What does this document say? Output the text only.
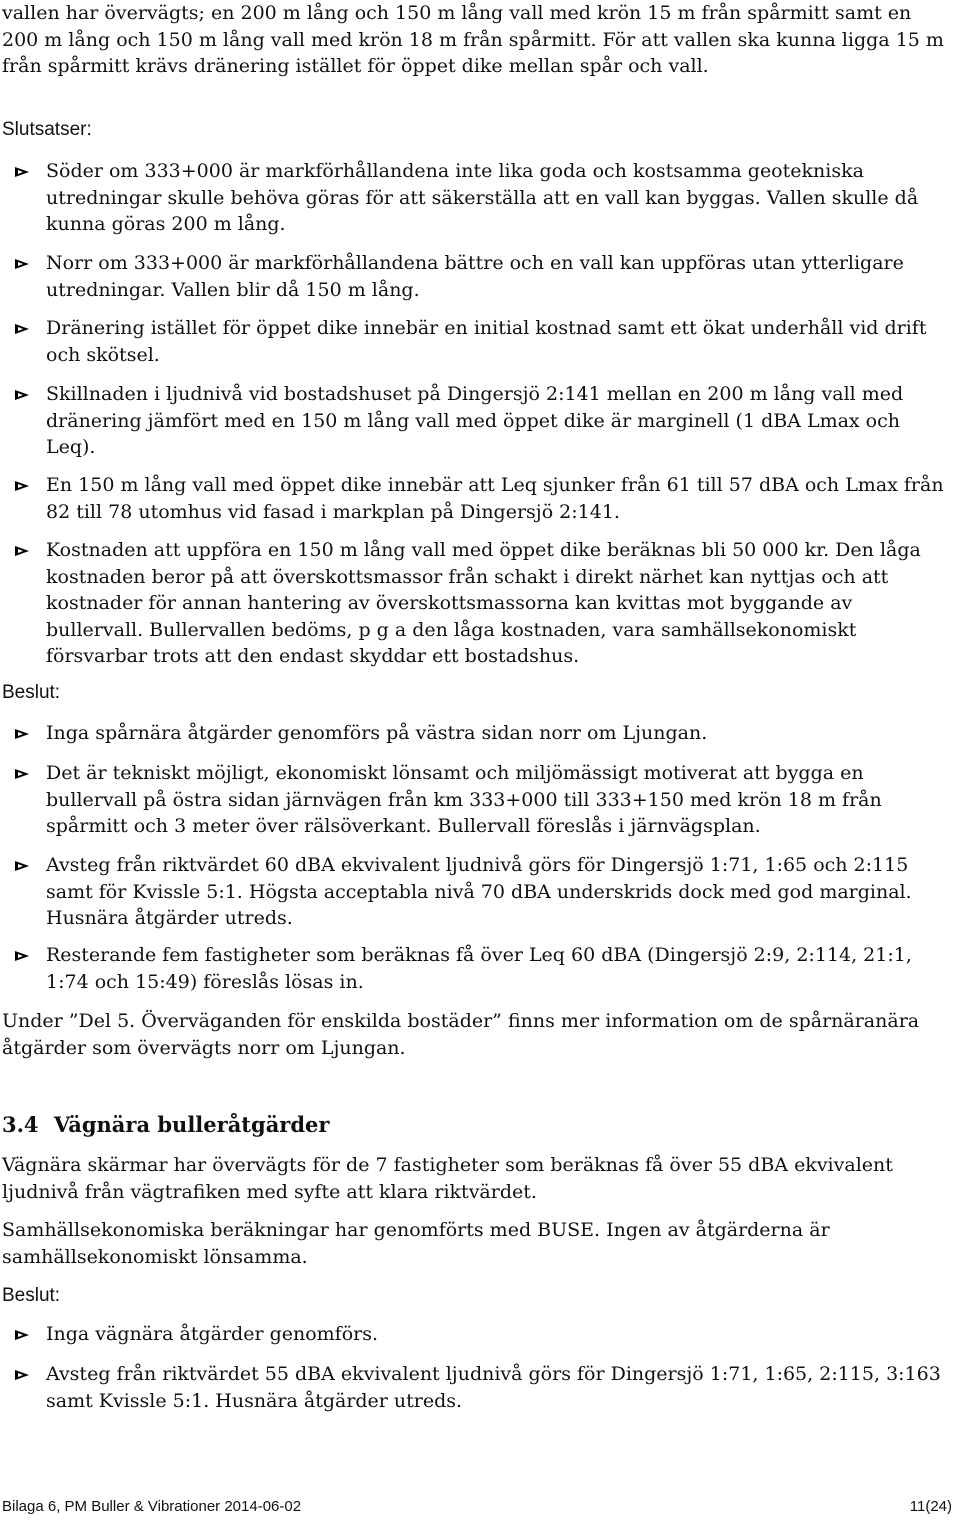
vallen har övervägts; en 200 m lång och 150 m lång vall med krön 15 m från spårmitt samt en 200 m lång och 150 m lång vall med krön 18 m från spårmitt. För att vallen ska kunna ligga 15 m från spårmitt krävs dränering istället för öppet dike mellan spår och vall.

Slutsatser:

Söder om 333+000 är markförhållandena inte lika goda och kostsamma geotekniska utredningar skulle behöva göras för att säkerställa att en vall kan byggas. Vallen skulle då kunna göras 200 m lång.

Norr om 333+000 är markförhållandena bättre och en vall kan uppföras utan ytterligare utredningar. Vallen blir då 150 m lång.

Dränering istället för öppet dike innebär en initial kostnad samt ett ökat underhåll vid drift och skötsel.

Skillnaden i ljudnivå vid bostadshuset på Dingersjö 2:141 mellan en 200 m lång vall med dränering jämfört med en 150 m lång vall med öppet dike är marginell (1 dBA Lmax och Leq).

En 150 m lång vall med öppet dike innebär att Leq sjunker från 61 till 57 dBA och Lmax från 82 till 78 utomhus vid fasad i markplan på Dingersjö 2:141.

Kostnaden att uppföra en 150 m lång vall med öppet dike beräknas bli 50 000 kr. Den låga kostnaden beror på att överskottsmassor från schakt i direkt närhet kan nyttjas och att kostnader för annan hantering av överskottsmassorna kan kvittas mot byggande av bullervall. Bullervallen bedöms, p g a den låga kostnaden, vara samhällsekonomiskt försvarbar trots att den endast skyddar ett bostadshus.

Beslut:

Inga spårnära åtgärder genomförs på västra sidan norr om Ljungan.

Det är tekniskt möjligt, ekonomiskt lönsamt och miljömässigt motiverat att bygga en bullervall på östra sidan järnvägen från km 333+000 till 333+150 med krön 18 m från spårmitt och 3 meter över rälsöverkant. Bullervall föreslås i järnvägsplan.

Avsteg från riktvärdet 60 dBA ekvivalent ljudnivå görs för Dingersjö 1:71, 1:65 och 2:115 samt för Kvissle 5:1. Högsta acceptabla nivå 70 dBA underskrids dock med god marginal. Husnära åtgärder utreds.

Resterande fem fastigheter som beräknas få över Leq 60 dBA (Dingersjö 2:9, 2:114, 21:1, 1:74 och 15:49) föreslås lösas in.

Under ”Del 5. Överväganden för enskilda bostäder” finns mer information om de spårnäranära åtgärder som övervägts norr om Ljungan.

3.4 Vägnära bulleråtgärder

Vägnära skärmar har övervägts för de 7 fastigheter som beräknas få över 55 dBA ekvivalent ljudnivå från vägtrafiken med syfte att klara riktvärdet.

Samhällsekonomiska beräkningar har genomförts med BUSE. Ingen av åtgärderna är samhällsekonomiskt lönsamma.

Beslut:

Inga vägnära åtgärder genomförs.

Avsteg från riktvärdet 55 dBA ekvivalent ljudnivå görs för Dingersjö 1:71, 1:65, 2:115, 3:163 samt Kvissle 5:1. Husnära åtgärder utreds.

Bilaga 6, PM Buller & Vibrationer 2014-06-02	11(24)
